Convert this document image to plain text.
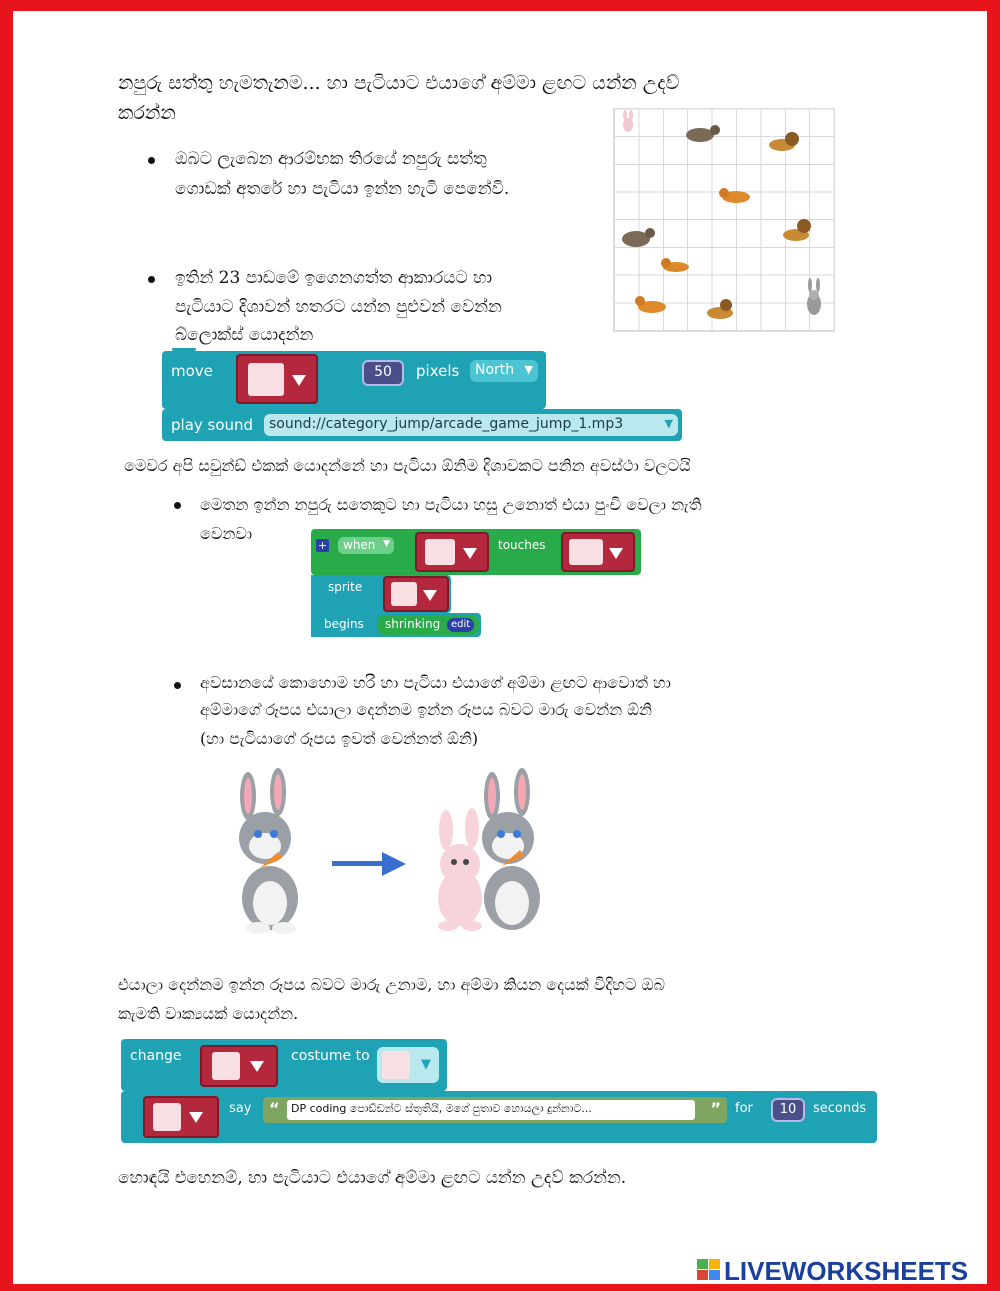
නපුරු සත්තු හැමතැනම... හා පැටියාට එයාගේ අම්මා ළඟට යන්න උදව්
කරන්න
ඔබට ලැබෙන ආරම්භක තිරයේ නපුරු සත්තු
ගොඩක් අතරේ හා පැටියා ඉන්න හැටි පෙනේවි.
ඉතින් 23 පාඩමේ ඉගෙනගත්ත ආකාරයට හා
පැටියාට දිශාවන් හතරට යන්න පුළුවන් වෙන්න
බ්ලොක්ස් යොදන්න
move	50	pixels North ▼
play sound sound://category_jump/arcade_game_jump_1.mp3	▼
මෙවර අපි සවුන්ඩ් එකක් යොදන්නේ හා පැටියා ඕනිම දිශාවකට පනින අවස්ථා වලටයි
මෙතන ඉන්න නපුරු සතෙකුට හා පැටියා හසු උනොත් එයා පුංචි වෙලා නැති
වෙනවා
+ when ▼	touches
sprite
begins shrinking	edit
අවසානයේ කොහොම හරි හා පැටියා එයාගේ අම්මා ළඟට ආවොත් හා
අම්මාගේ රූපය එයාලා දෙන්නම ඉන්න රූපය බවට මාරු වෙන්න ඕනි
(හා පැටියාගේ රූපය ඉවත් වෙන්නත් ඕනි)
එයාලා දෙන්නම ඉන්න රූපය බවට මාරු උනාම, හා අම්මා කියන දෙයක් විදිහට ඔබ
කැමති වාක්‍යයක් යොදන්න.
change	costume to
▼
say “ DP coding පොඩ්ඩන්ට ස්තුතියි, මගේ පුතාව හොයලා දුන්නාට...	” for	10	seconds
හොඳයි එහෙනම්, හා පැටියාට එයාගේ අම්මා ළඟට යන්න උදව් කරන්න.
LIVEWORKSHEETS
